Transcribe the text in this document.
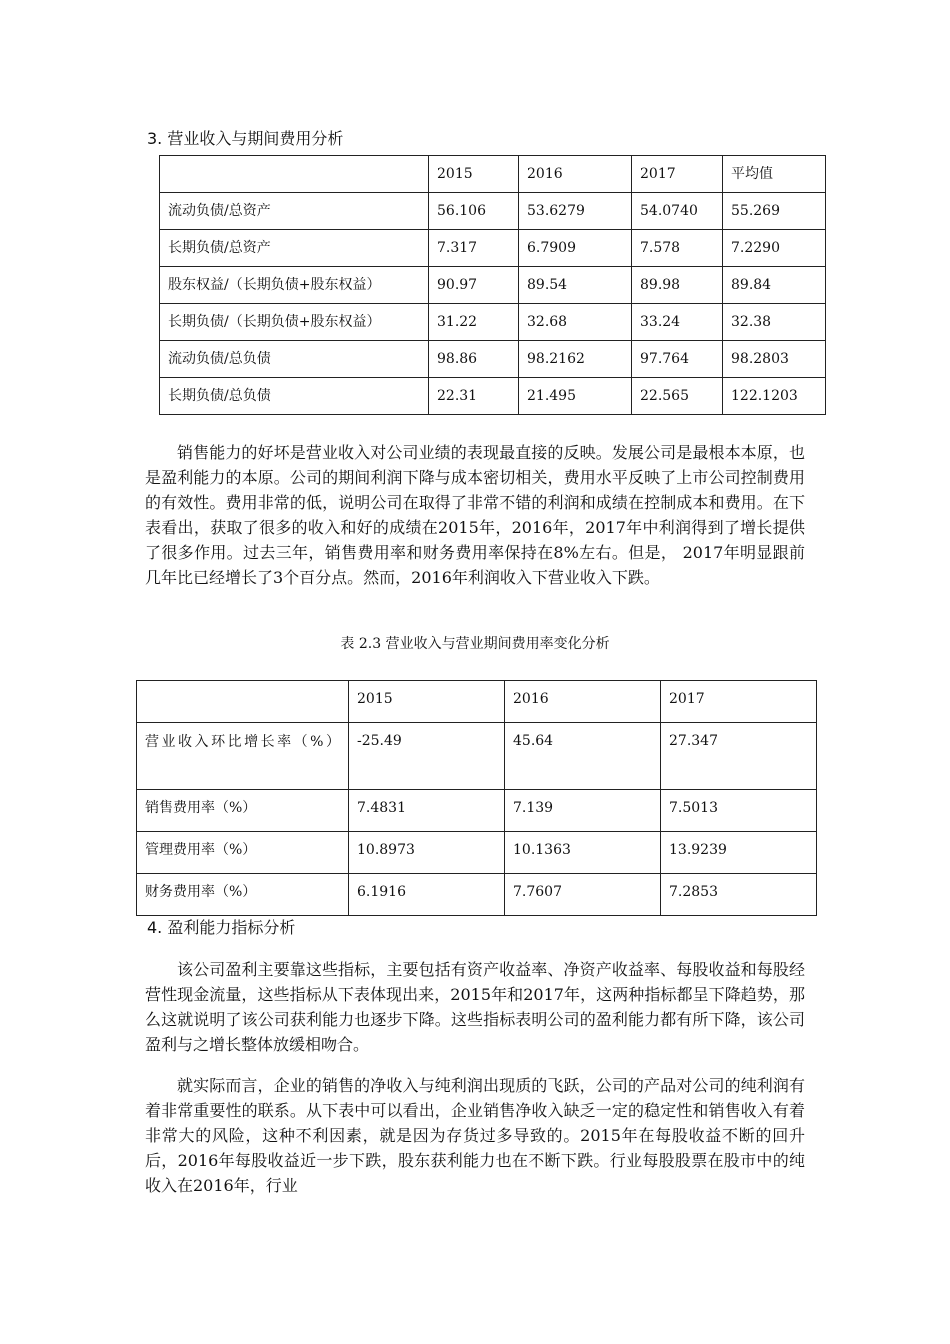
3. 营业收入与期间费用分析
	2015	2016	2017	平均值
流动负债/总资产	56.106	53.6279	54.0740	55.269
长期负债/总资产	7.317	6.7909	7.578	7.2290
股东权益/（长期负债+股东权益）	90.97	89.54	89.98	89.84
长期负债/（长期负债+股东权益）	31.22	32.68	33.24	32.38
流动负债/总负债	98.86	98.2162	97.764	98.2803
长期负债/总负债	22.31	21.495	22.565	122.1203

销售能力的好坏是营业收入对公司业绩的表现最直接的反映。发展公司是最根本本原，也是盈利能力的本原。公司的期间利润下降与成本密切相关，费用水平反映了上市公司控制费用的有效性。费用非常的低，说明公司在取得了非常不错的利润和成绩在控制成本和费用。在下表看出，获取了很多的收入和好的成绩在2015年，2016年，2017年中利润得到了增长提供了很多作用。过去三年，销售费用率和财务费用率保持在8%左右。但是， 2017年明显跟前几年比已经增长了3个百分点。然而，2016年利润收入下营业收入下跌。

表 2.3 营业收入与营业期间费用率变化分析
	2015	2016	2017
营业收入环比增长率（%）	-25.49	45.64	27.347
销售费用率（%）	7.4831	7.139	7.5013
管理费用率（%）	10.8973	10.1363	13.9239
财务费用率（%）	6.1916	7.7607	7.2853
4. 盈利能力指标分析

该公司盈利主要靠这些指标，主要包括有资产收益率、净资产收益率、每股收益和每股经营性现金流量，这些指标从下表体现出来，2015年和2017年，这两种指标都呈下降趋势，那么这就说明了该公司获利能力也逐步下降。这些指标表明公司的盈利能力都有所下降，该公司盈利与之增长整体放缓相吻合。

就实际而言，企业的销售的净收入与纯利润出现质的飞跃，公司的产品对公司的纯利润有着非常重要性的联系。从下表中可以看出，企业销售净收入缺乏一定的稳定性和销售收入有着非常大的风险，这种不利因素，就是因为存货过多导致的。2015年在每股收益不断的回升后，2016年每股收益近一步下跌，股东获利能力也在不断下跌。行业每股股票在股市中的纯收入在2016年，行业
